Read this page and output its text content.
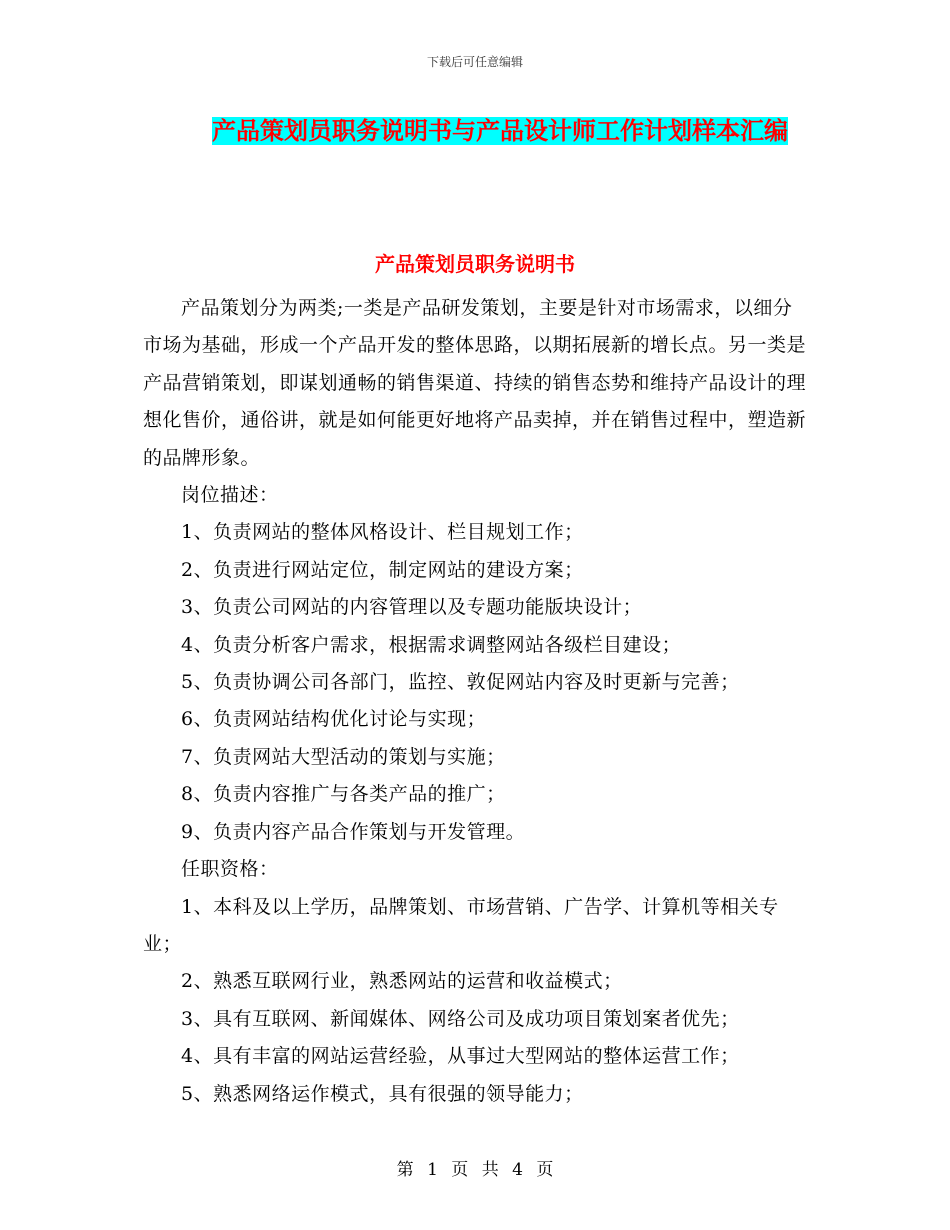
下载后可任意编辑
产品策划员职务说明书与产品设计师工作计划样本汇编
产品策划员职务说明书

产品策划分为两类;一类是产品研发策划，主要是针对市场需求，以细分市场为基础，形成一个产品开发的整体思路，以期拓展新的增长点。另一类是产品营销策划，即谋划通畅的销售渠道、持续的销售态势和维持产品设计的理想化售价，通俗讲，就是如何能更好地将产品卖掉，并在销售过程中，塑造新的品牌形象。

岗位描述：

1、负责网站的整体风格设计、栏目规划工作；

2、负责进行网站定位，制定网站的建设方案；

3、负责公司网站的内容管理以及专题功能版块设计；

4、负责分析客户需求，根据需求调整网站各级栏目建设；

5、负责协调公司各部门，监控、敦促网站内容及时更新与完善；

6、负责网站结构优化讨论与实现；

7、负责网站大型活动的策划与实施；

8、负责内容推广与各类产品的推广；

9、负责内容产品合作策划与开发管理。

任职资格：

1、本科及以上学历，品牌策划、市场营销、广告学、计算机等相关专业；

2、熟悉互联网行业，熟悉网站的运营和收益模式；

3、具有互联网、新闻媒体、网络公司及成功项目策划案者优先；

4、具有丰富的网站运营经验，从事过大型网站的整体运营工作；

5、熟悉网络运作模式，具有很强的领导能力；

第 1 页 共 4 页
